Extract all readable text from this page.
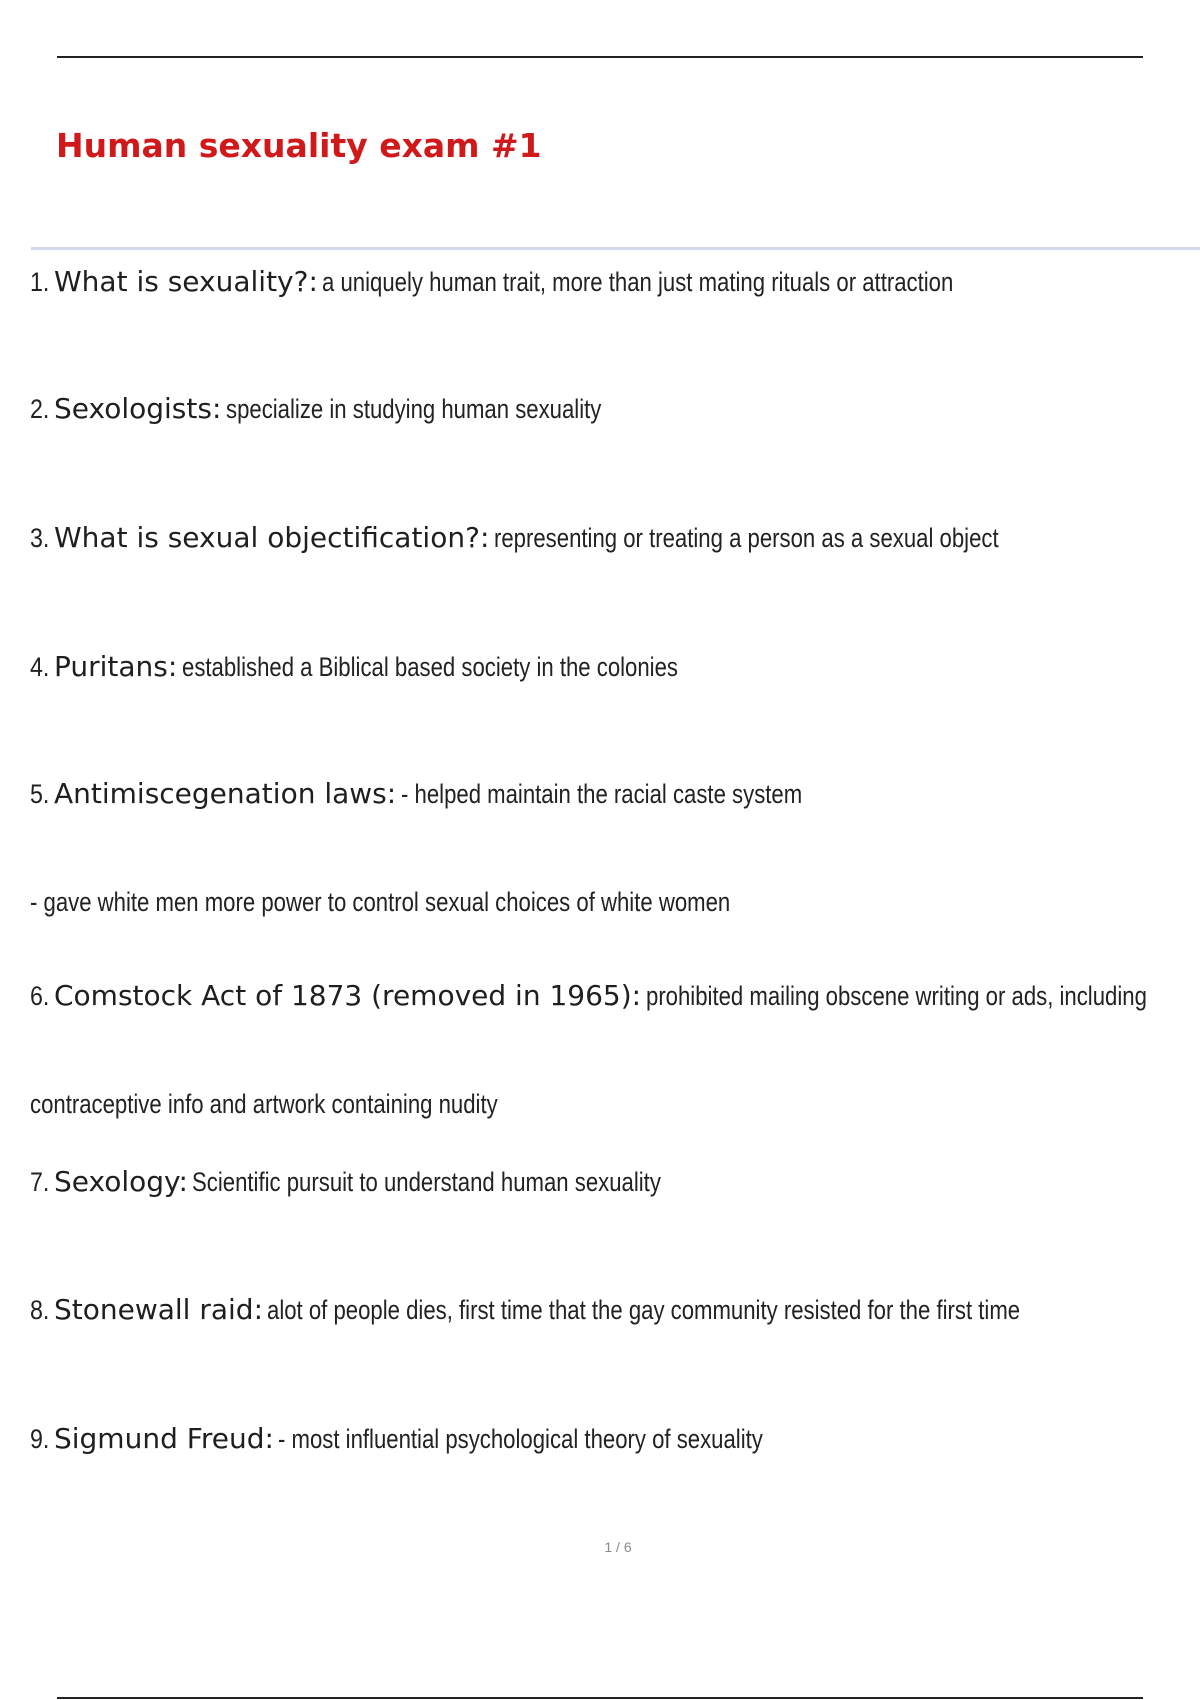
Human sexuality exam #1

1. What is sexuality?: a uniquely human trait, more than just mating rituals or attraction

2. Sexologists: specialize in studying human sexuality

3. What is sexual objectification?: representing or treating a person as a sexual object

4. Puritans: established a Biblical based society in the colonies

5. Antimiscegenation laws: - helped maintain the racial caste system

- gave white men more power to control sexual choices of white women

6. Comstock Act of 1873 (removed in 1965): prohibited mailing obscene writing or ads, including

contraceptive info and artwork containing nudity

7. Sexology: Scientific pursuit to understand human sexuality

8. Stonewall raid: alot of people dies, first time that the gay community resisted for the first time

9. Sigmund Freud: - most influential psychological theory of sexuality

1 / 6
